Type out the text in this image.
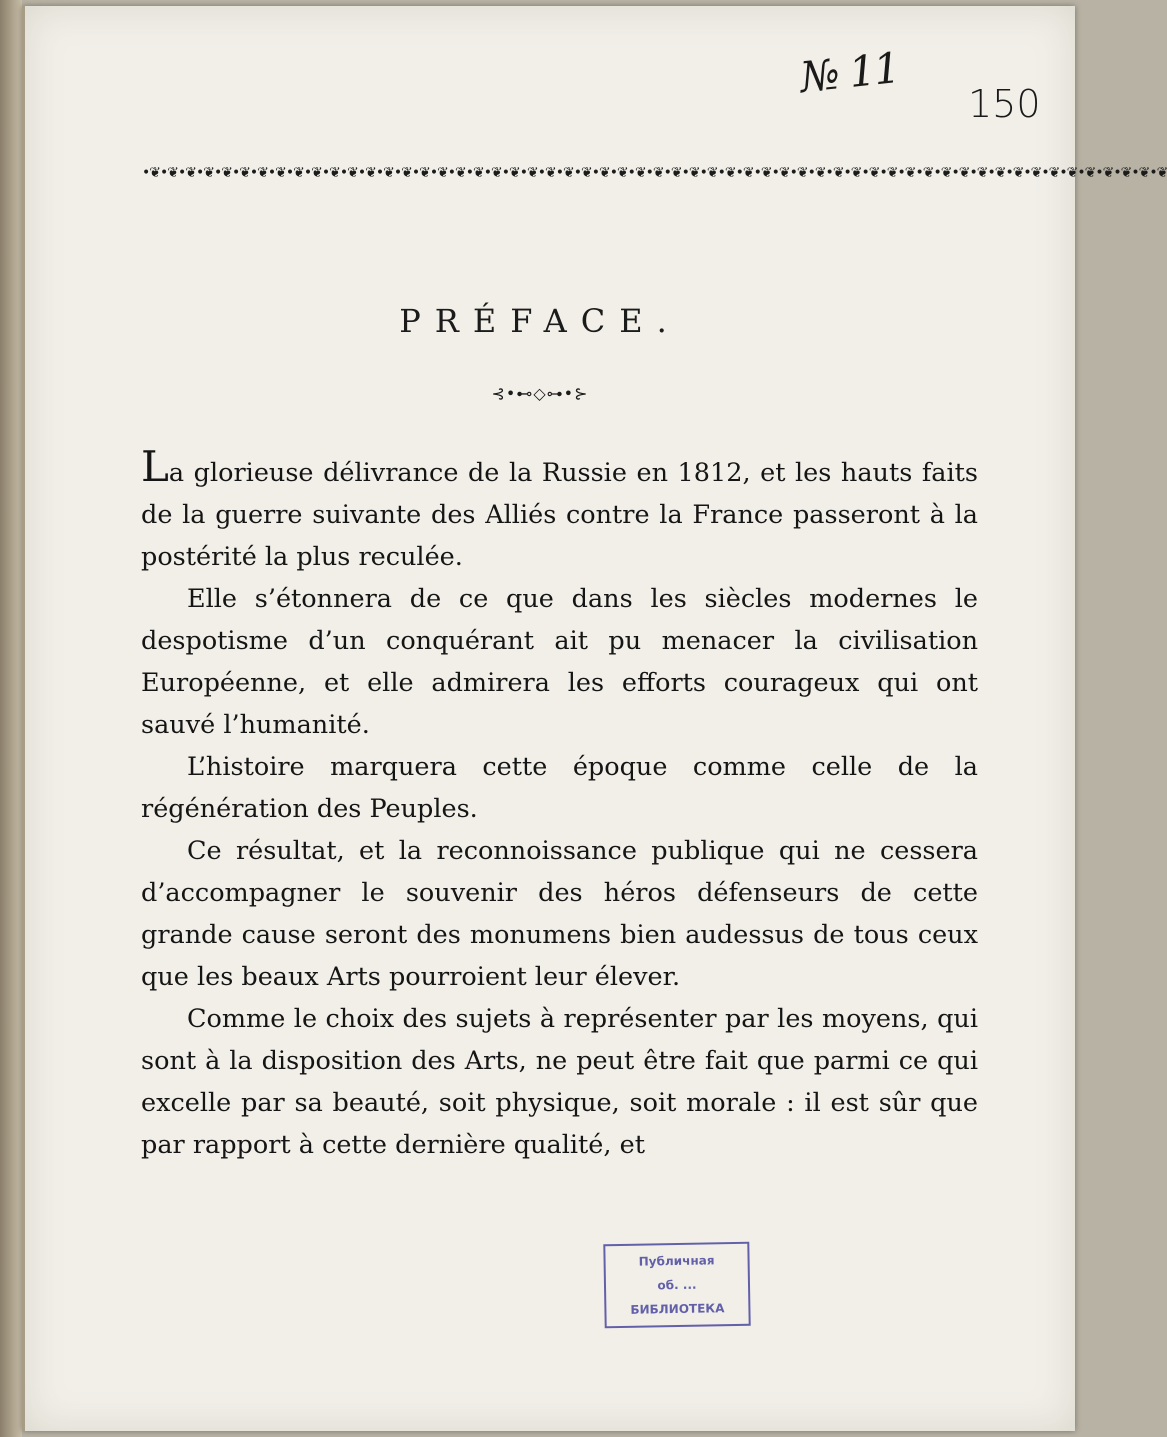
№ 11
150
•❦•❦•❦•❦•❦•❦•❦•❦•❦•❦•❦•❦•❦•❦•❦•❦•❦•❦•❦•❦•❦•❦•❦•❦•❦•❦•❦•❦•❦•❦•❦•❦•❦•❦•❦•❦•❦•❦•❦•❦•❦•❦•❦•❦•❦•❦•❦•❦•❦•❦•❦•❦•❦•❦•❦•❦•❦
PRÉFACE.
⊰•⊷◇⊶•⊱

La glorieuse délivrance de la Russie en 1812, et les hauts faits de la guerre suivante des Alliés contre la France passeront à la postérité la plus reculée.

Elle s’étonnera de ce que dans les siècles modernes le despotisme d’un conquérant ait pu menacer la civilisation Européenne, et elle admirera les efforts courageux qui ont sauvé l’humanité.

L’histoire marquera cette époque comme celle de la régénération des Peuples.

Ce résultat, et la reconnoissance publique qui ne cessera d’accompagner le souvenir des héros défenseurs de cette grande cause seront des monumens bien audessus de tous ceux que les beaux Arts pourroient leur élever.

Comme le choix des sujets à représenter par les moyens, qui sont à la disposition des Arts, ne peut être fait que parmi ce qui excelle par sa beauté, soit physique, soit morale : il est sûr que par rapport à cette dernière qualité, et

Публичная
об. ...
БИБЛИОТЕКА
